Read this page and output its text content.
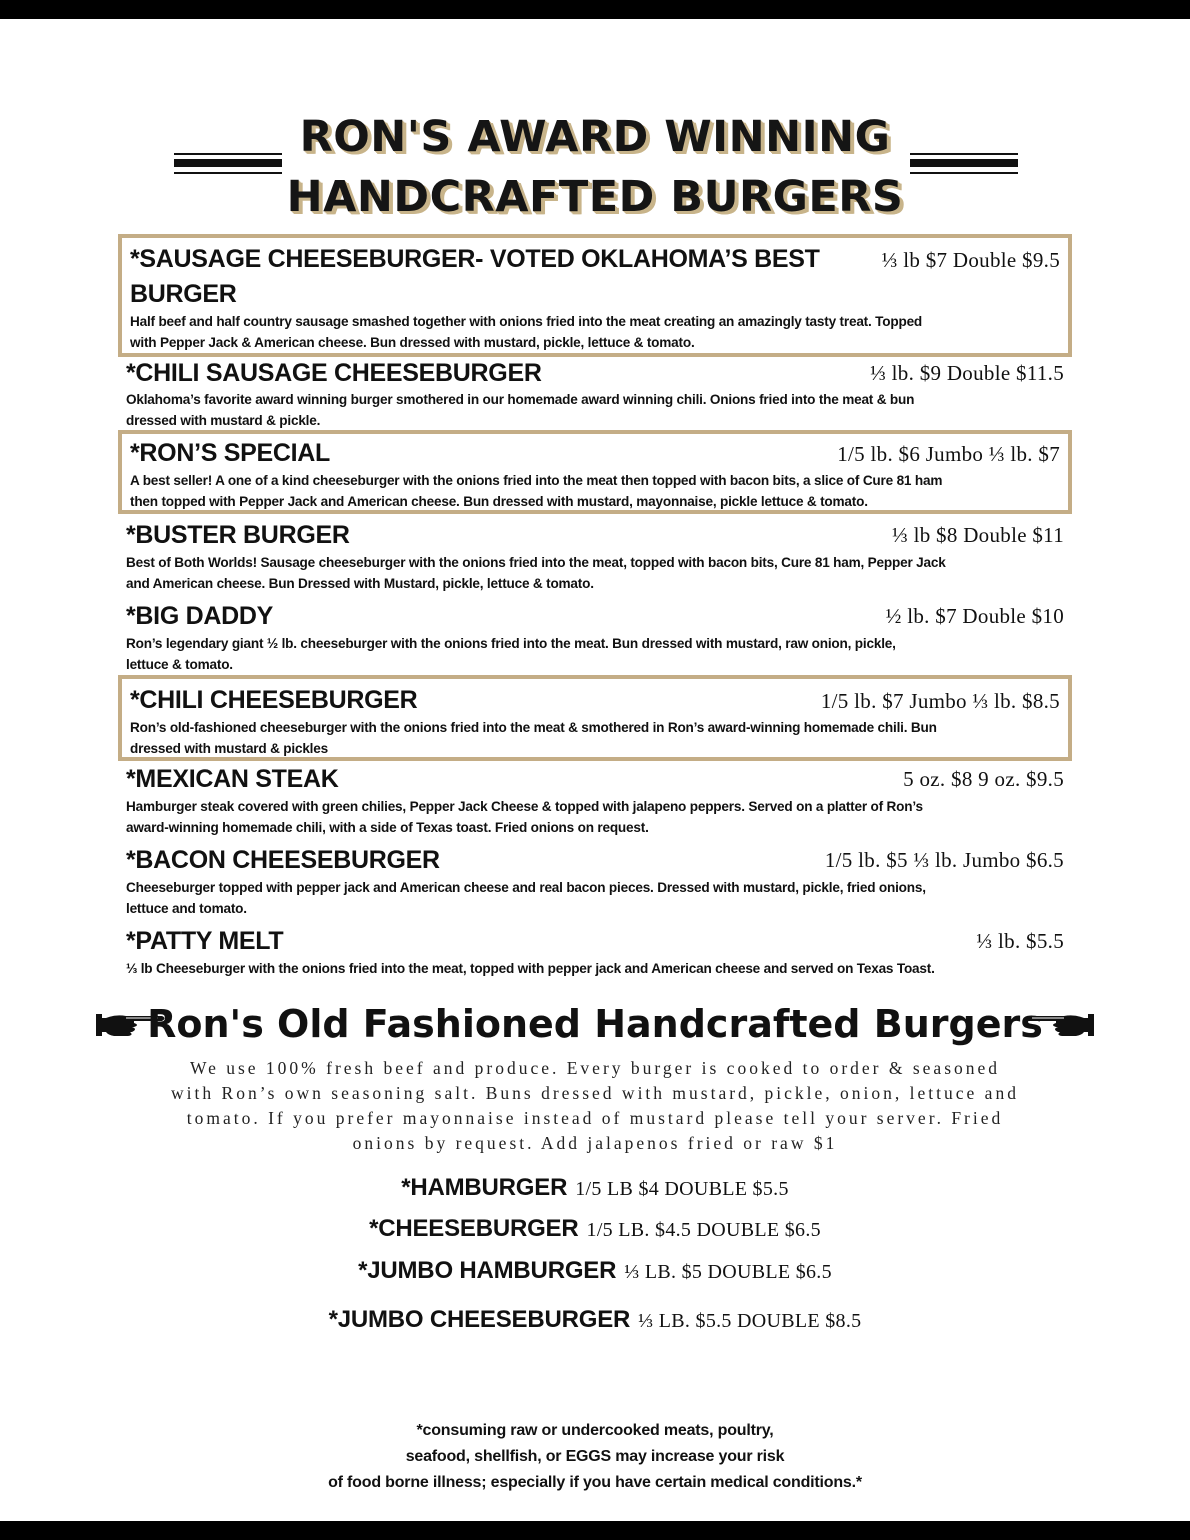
RON'S AWARD WINNING
HANDCRAFTED BURGERS
*SAUSAGE CHEESEBURGER- VOTED OKLAHOMA’S BEST
BURGER
⅓ lb $7 Double $9.5
Half beef and half country sausage smashed together with onions fried into the meat creating an amazingly tasty treat. Topped
with Pepper Jack & American cheese. Bun dressed with mustard, pickle, lettuce & tomato.
*CHILI SAUSAGE CHEESEBURGER	⅓ lb. $9 Double $11.5
Oklahoma’s favorite award winning burger smothered in our homemade award winning chili. Onions fried into the meat & bun
dressed with mustard & pickle.
*RON’S SPECIAL	1/5 lb. $6 Jumbo ⅓ lb. $7
A best seller! A one of a kind cheeseburger with the onions fried into the meat then topped with bacon bits, a slice of Cure 81 ham
then topped with Pepper Jack and American cheese. Bun dressed with mustard, mayonnaise, pickle lettuce & tomato.
*BUSTER BURGER	⅓ lb $8 Double $11
Best of Both Worlds! Sausage cheeseburger with the onions fried into the meat, topped with bacon bits, Cure 81 ham, Pepper Jack
and American cheese. Bun Dressed with Mustard, pickle, lettuce & tomato.
*BIG DADDY	½ lb. $7 Double $10
Ron’s legendary giant ½ lb. cheeseburger with the onions fried into the meat. Bun dressed with mustard, raw onion, pickle,
lettuce & tomato.
*CHILI CHEESEBURGER	1/5 lb. $7 Jumbo ⅓ lb. $8.5
Ron’s old-fashioned cheeseburger with the onions fried into the meat & smothered in Ron’s award-winning homemade chili. Bun
dressed with mustard & pickles
*MEXICAN STEAK	5 oz. $8 9 oz. $9.5
Hamburger steak covered with green chilies, Pepper Jack Cheese & topped with jalapeno peppers. Served on a platter of Ron’s
award-winning homemade chili, with a side of Texas toast. Fried onions on request.
*BACON CHEESEBURGER	1/5 lb. $5 ⅓ lb. Jumbo $6.5
Cheeseburger topped with pepper jack and American cheese and real bacon pieces. Dressed with mustard, pickle, fried onions,
lettuce and tomato.
*PATTY MELT	⅓ lb. $5.5
⅓ lb Cheeseburger with the onions fried into the meat, topped with pepper jack and American cheese and served on Texas Toast.
Ron's Old Fashioned Handcrafted Burgers
We use 100% fresh beef and produce. Every burger is cooked to order & seasoned
with Ron’s own seasoning salt. Buns dressed with mustard, pickle, onion, lettuce and
tomato. If you prefer mayonnaise instead of mustard please tell your server. Fried
onions by request. Add jalapenos fried or raw $1
*HAMBURGER 1/5 LB $4 DOUBLE $5.5
*CHEESEBURGER 1/5 LB. $4.5 DOUBLE $6.5
*JUMBO HAMBURGER ⅓ LB. $5 DOUBLE $6.5
*JUMBO CHEESEBURGER ⅓ LB. $5.5 DOUBLE $8.5
*consuming raw or undercooked meats, poultry,
seafood, shellfish, or EGGS may increase your risk
of food borne illness; especially if you have certain medical conditions.*
